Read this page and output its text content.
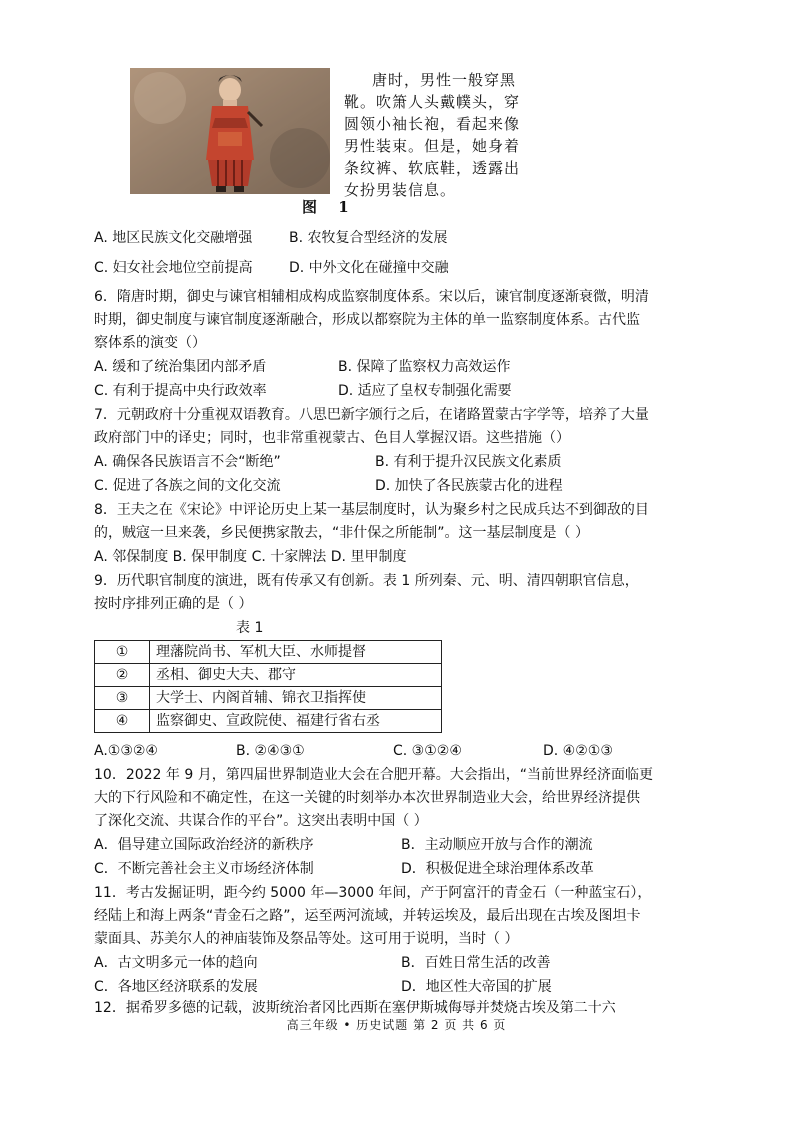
唐时，男性一般穿黑
靴。吹箫人头戴幞头，穿
圆领小袖长袍，看起来像
男性装束。但是，她身着
条纹裤、软底鞋，透露出
女扮男装信息。
图 1
A. 地区民族文化交融增强	B. 农牧复合型经济的发展
C. 妇女社会地位空前提高	D. 中外文化在碰撞中交融
6．隋唐时期，御史与谏官相辅相成构成监察制度体系。宋以后，谏官制度逐渐衰微，明清
时期，御史制度与谏官制度逐渐融合，形成以都察院为主体的单一监察制度体系。古代监
察体系的演变（）
A. 缓和了统治集团内部矛盾	B. 保障了监察权力高效运作
C. 有利于提高中央行政效率	D. 适应了皇权专制强化需要
7．元朝政府十分重视双语教育。八思巴新字颁行之后，在诸路置蒙古字学等，培养了大量
政府部门中的译史；同时，也非常重视蒙古、色目人掌握汉语。这些措施（）
A. 确保各民族语言不会“断绝”	B. 有利于提升汉民族文化素质
C. 促进了各族之间的文化交流	D. 加快了各民族蒙古化的进程
8．王夫之在《宋论》中评论历史上某一基层制度时，认为聚乡村之民成兵达不到御敌的目
的，贼寇一旦来袭，乡民便携家散去，“非什保之所能制”。这一基层制度是（ ）
A. 邻保制度 B. 保甲制度 C. 十家牌法 D. 里甲制度
9．历代职官制度的演进，既有传承又有创新。表 1 所列秦、元、明、清四朝职官信息，
按时序排列正确的是（ ）
表 1
①	理藩院尚书、军机大臣、水师提督
②	丞相、御史大夫、郡守
③	大学士、内阁首辅、锦衣卫指挥使
④	监察御史、宣政院使、福建行省右丞
A.①③②④	B. ②④③①	C. ③①②④	D. ④②①③
10．2022 年 9 月，第四届世界制造业大会在合肥开幕。大会指出，“当前世界经济面临更
大的下行风险和不确定性，在这一关键的时刻举办本次世界制造业大会，给世界经济提供
了深化交流、共谋合作的平台”。这突出表明中国（ ）
A．倡导建立国际政治经济的新秩序	B．主动顺应开放与合作的潮流
C．不断完善社会主义市场经济体制	D．积极促进全球治理体系改革
11．考古发掘证明，距今约 5000 年—3000 年间，产于阿富汗的青金石（一种蓝宝石），
经陆上和海上两条“青金石之路”，运至两河流域，并转运埃及，最后出现在古埃及图坦卡
蒙面具、苏美尔人的神庙装饰及祭品等处。这可用于说明，当时（ ）
A．古文明多元一体的趋向	B．百姓日常生活的改善
C．各地区经济联系的发展	D．地区性大帝国的扩展
12．据希罗多德的记载，波斯统治者冈比西斯在塞伊斯城侮辱并焚烧古埃及第二十六
高三年级 • 历史试题 第 2 页 共 6 页
